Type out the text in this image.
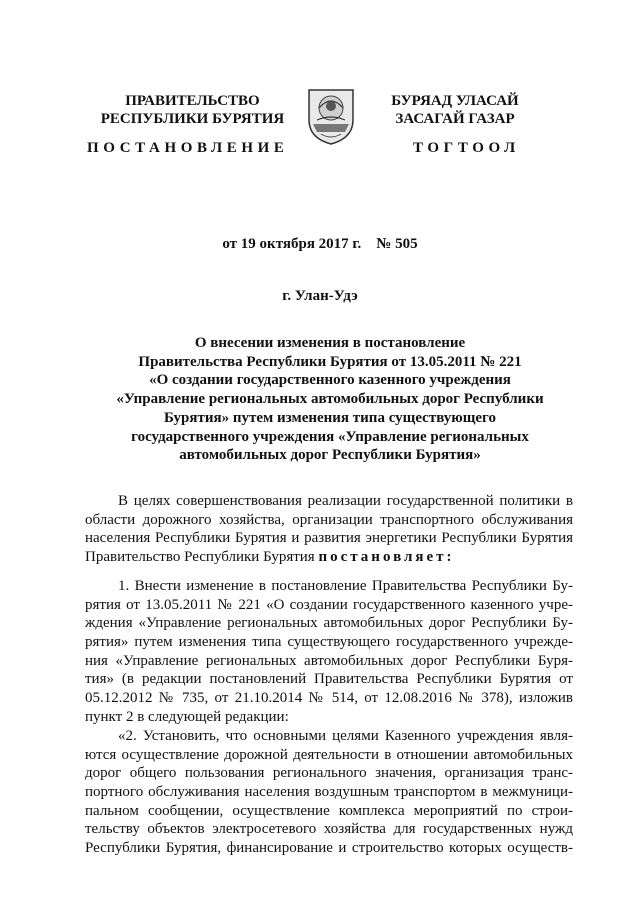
ПРАВИТЕЛЬСТВО
РЕСПУБЛИКИ БУРЯТИЯ
БУРЯАД УЛАСАЙ
ЗАСАГАЙ ГАЗАР
ПОСТАНОВЛЕНИЕ	ТОГТООЛ
от 19 октября 2017 г.    № 505
г. Улан-Удэ
О внесении изменения в постановление
Правительства Республики Бурятия от 13.05.2011 № 221
«О создании государственного казенного учреждения
«Управление региональных автомобильных дорог Республики
Бурятия» путем изменения типа существующего
государственного учреждения «Управление региональных
автомобильных дорог Республики Бурятия»
В целях совершенствования реализации государственной политики в
области дорожного хозяйства, организации транспортного обслуживания
населения Республики Бурятия и развития энергетики Республики Бурятия
Правительство Республики Бурятия постановляет:
1. Внести изменение в постановление Правительства Республики Бу-
рятия от 13.05.2011 № 221 «О создании государственного казенного учре-
ждения «Управление региональных автомобильных дорог Республики Бу-
рятия» путем изменения типа существующего государственного учрежде-
ния «Управление региональных автомобильных дорог Республики Буря-
тия» (в редакции постановлений Правительства Республики Бурятия от
05.12.2012 № 735, от 21.10.2014 № 514, от 12.08.2016 № 378), изложив
пункт 2 в следующей редакции:
«2. Установить, что основными целями Казенного учреждения явля-
ются осуществление дорожной деятельности в отношении автомобильных
дорог общего пользования регионального значения, организация транс-
портного обслуживания населения воздушным транспортом в межмуници-
пальном сообщении, осуществление комплекса мероприятий по строи-
тельству объектов электросетевого хозяйства для государственных нужд
Республики Бурятия, финансирование и строительство которых осуществ-
